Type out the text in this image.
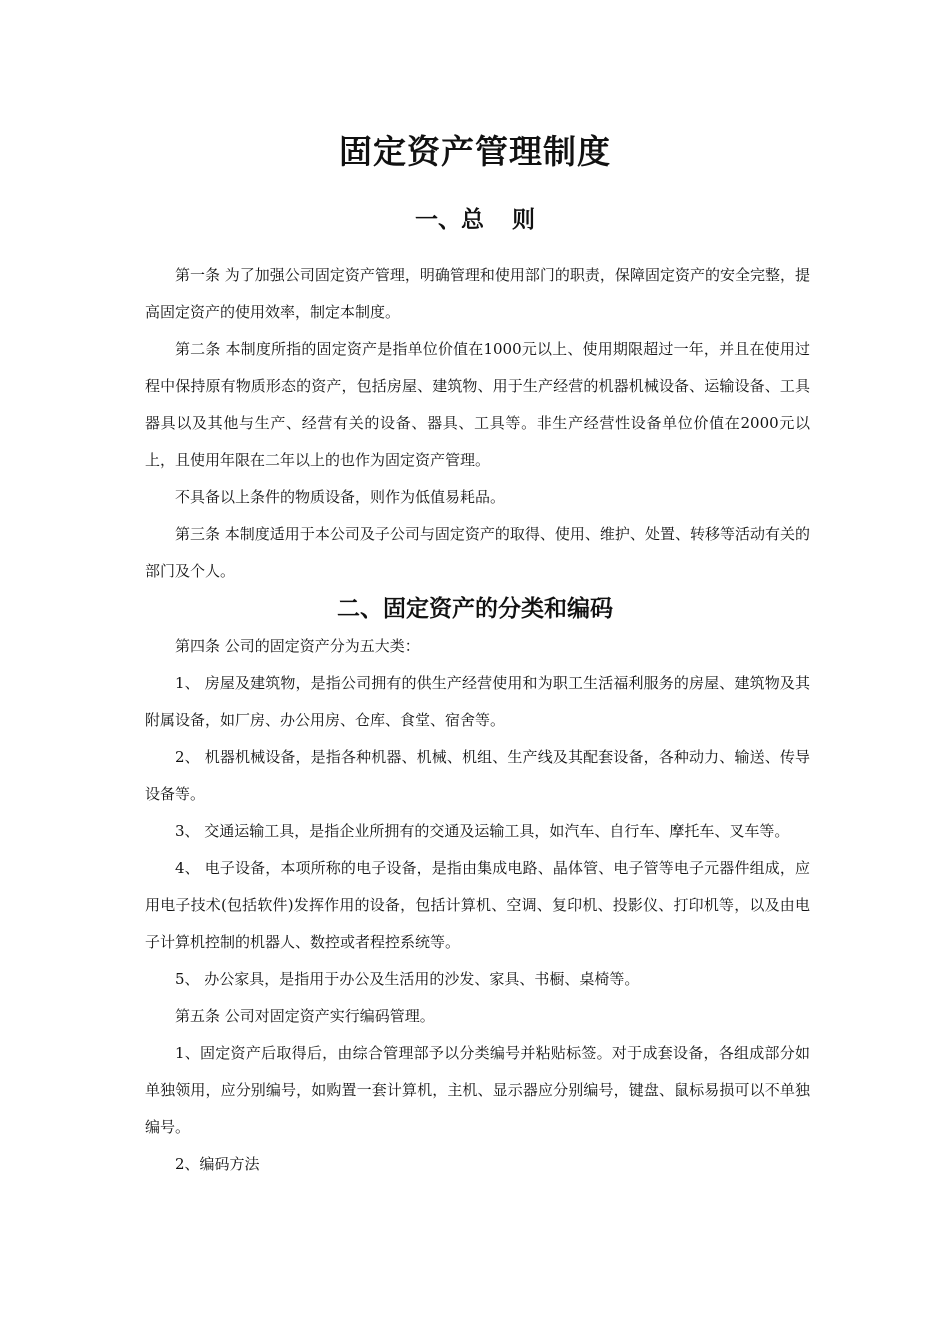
固定资产管理制度
一、总 则

第一条 为了加强公司固定资产管理，明确管理和使用部门的职责，保障固定资产的安全完整，提高固定资产的使用效率，制定本制度。

第二条 本制度所指的固定资产是指单位价值在1000元以上、使用期限超过一年，并且在使用过程中保持原有物质形态的资产，包括房屋、建筑物、用于生产经营的机器机械设备、运输设备、工具器具以及其他与生产、经营有关的设备、器具、工具等。非生产经营性设备单位价值在2000元以上，且使用年限在二年以上的也作为固定资产管理。

不具备以上条件的物质设备，则作为低值易耗品。

第三条 本制度适用于本公司及子公司与固定资产的取得、使用、维护、处置、转移等活动有关的部门及个人。

二、固定资产的分类和编码

第四条 公司的固定资产分为五大类：

1、 房屋及建筑物，是指公司拥有的供生产经营使用和为职工生活福利服务的房屋、建筑物及其附属设备，如厂房、办公用房、仓库、食堂、宿舍等。

2、 机器机械设备，是指各种机器、机械、机组、生产线及其配套设备，各种动力、输送、传导设备等。

3、 交通运输工具，是指企业所拥有的交通及运输工具，如汽车、自行车、摩托车、叉车等。

4、 电子设备，本项所称的电子设备，是指由集成电路、晶体管、电子管等电子元器件组成，应用电子技术(包括软件)发挥作用的设备，包括计算机、空调、复印机、投影仪、打印机等，以及由电子计算机控制的机器人、数控或者程控系统等。

5、 办公家具，是指用于办公及生活用的沙发、家具、书橱、桌椅等。

第五条 公司对固定资产实行编码管理。

1、固定资产后取得后，由综合管理部予以分类编号并粘贴标签。对于成套设备，各组成部分如单独领用，应分别编号，如购置一套计算机，主机、显示器应分别编号，键盘、鼠标易损可以不单独编号。

2、编码方法
